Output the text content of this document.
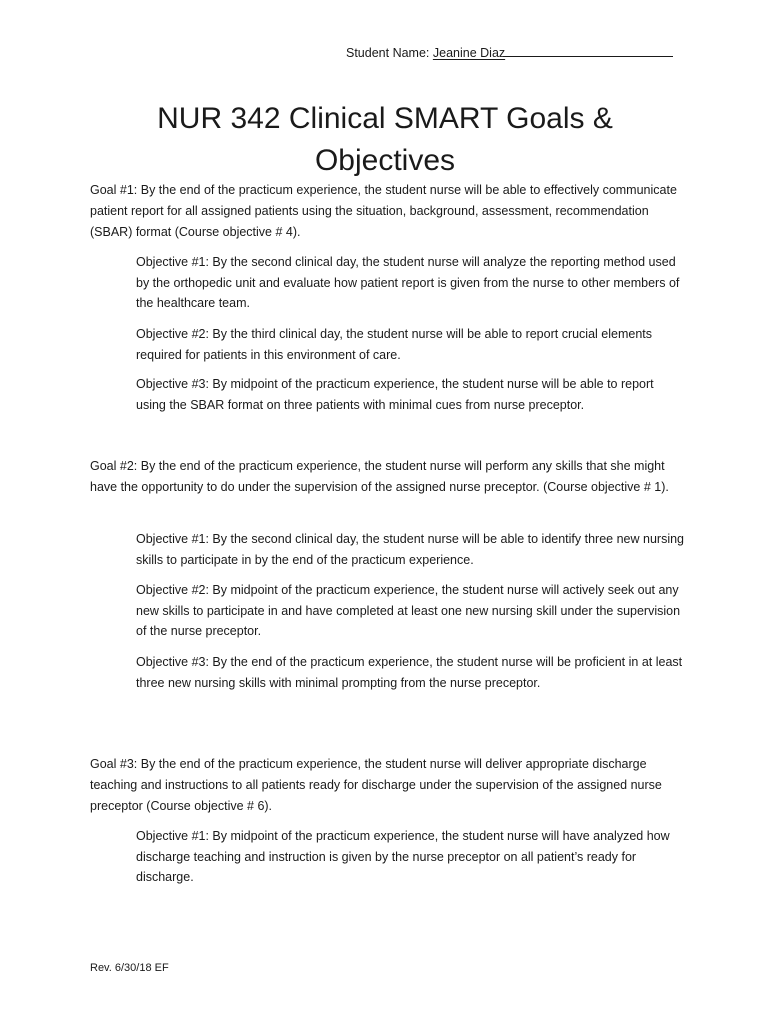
Student Name: Jeanine Diaz
NUR 342 Clinical SMART Goals & Objectives

Goal #1: By the end of the practicum experience, the student nurse will be able to effectively communicate patient report for all assigned patients using the situation, background, assessment, recommendation (SBAR) format (Course objective # 4).

Objective #1: By the second clinical day, the student nurse will analyze the reporting method used by the orthopedic unit and evaluate how patient report is given from the nurse to other members of the healthcare team.

Objective #2: By the third clinical day, the student nurse will be able to report crucial elements required for patients in this environment of care.

Objective #3: By midpoint of the practicum experience, the student nurse will be able to report using the SBAR format on three patients with minimal cues from nurse preceptor.

Goal #2: By the end of the practicum experience, the student nurse will perform any skills that she might have the opportunity to do under the supervision of the assigned nurse preceptor. (Course objective # 1).

Objective #1: By the second clinical day, the student nurse will be able to identify three new nursing skills to participate in by the end of the practicum experience.

Objective #2: By midpoint of the practicum experience, the student nurse will actively seek out any new skills to participate in and have completed at least one new nursing skill under the supervision of the nurse preceptor.

Objective #3: By the end of the practicum experience, the student nurse will be proficient in at least three new nursing skills with minimal prompting from the nurse preceptor.

Goal #3: By the end of the practicum experience, the student nurse will deliver appropriate discharge teaching and instructions to all patients ready for discharge under the supervision of the assigned nurse preceptor (Course objective # 6).

Objective #1: By midpoint of the practicum experience, the student nurse will have analyzed how discharge teaching and instruction is given by the nurse preceptor on all patient’s ready for discharge.

Rev. 6/30/18 EF
